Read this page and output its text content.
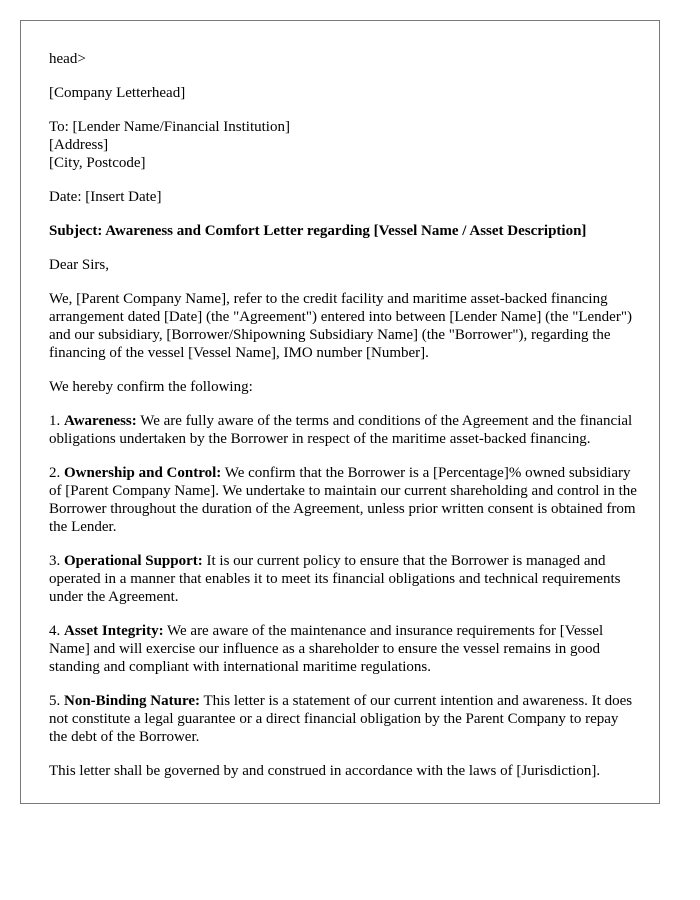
head>

[Company Letterhead]

To: [Lender Name/Financial Institution]
[Address]
[City, Postcode]

Date: [Insert Date]

Subject: Awareness and Comfort Letter regarding [Vessel Name / Asset Description]

Dear Sirs,

We, [Parent Company Name], refer to the credit facility and maritime asset-backed financing arrangement dated [Date] (the "Agreement") entered into between [Lender Name] (the "Lender") and our subsidiary, [Borrower/Shipowning Subsidiary Name] (the "Borrower"), regarding the financing of the vessel [Vessel Name], IMO number [Number].

We hereby confirm the following:

1. Awareness: We are fully aware of the terms and conditions of the Agreement and the financial obligations undertaken by the Borrower in respect of the maritime asset-backed financing.

2. Ownership and Control: We confirm that the Borrower is a [Percentage]% owned subsidiary of [Parent Company Name]. We undertake to maintain our current shareholding and control in the Borrower throughout the duration of the Agreement, unless prior written consent is obtained from the Lender.

3. Operational Support: It is our current policy to ensure that the Borrower is managed and operated in a manner that enables it to meet its financial obligations and technical requirements under the Agreement.

4. Asset Integrity: We are aware of the maintenance and insurance requirements for [Vessel Name] and will exercise our influence as a shareholder to ensure the vessel remains in good standing and compliant with international maritime regulations.

5. Non-Binding Nature: This letter is a statement of our current intention and awareness. It does not constitute a legal guarantee or a direct financial obligation by the Parent Company to repay the debt of the Borrower.

This letter shall be governed by and construed in accordance with the laws of [Jurisdiction].
